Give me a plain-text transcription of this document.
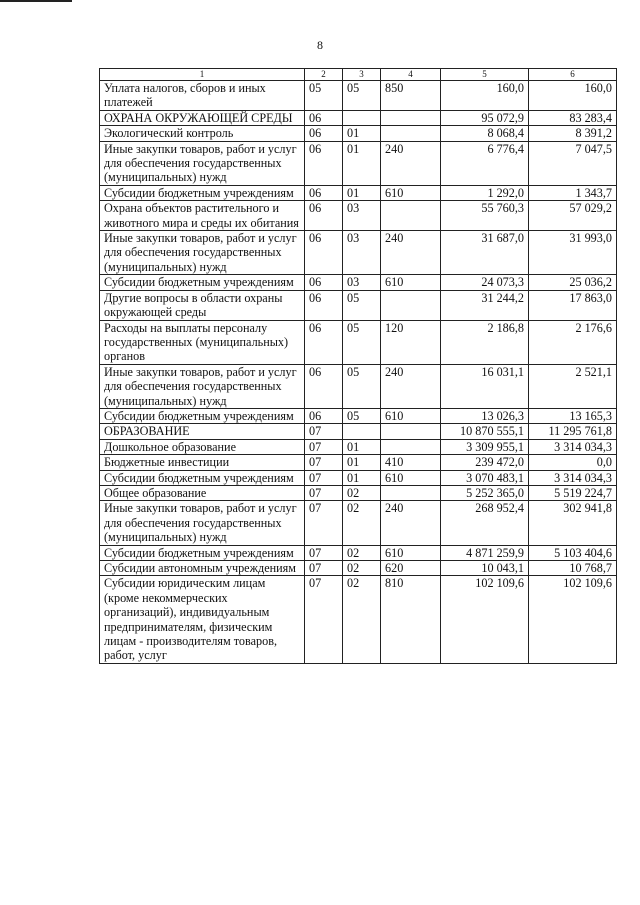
8
1	2	3	4	5	6
Уплата налогов, сборов и иных платежей	05	05	850	160,0	160,0
ОХРАНА ОКРУЖАЮЩЕЙ СРЕДЫ	06			95 072,9	83 283,4
Экологический контроль	06	01		8 068,4	8 391,2
Иные закупки товаров, работ и услуг для обеспечения государственных (муниципальных) нужд	06	01	240	6 776,4	7 047,5
Субсидии бюджетным учреждениям	06	01	610	1 292,0	1 343,7
Охрана объектов растительного и животного мира и среды их обитания	06	03		55 760,3	57 029,2
Иные закупки товаров, работ и услуг для обеспечения государственных (муниципальных) нужд	06	03	240	31 687,0	31 993,0
Субсидии бюджетным учреждениям	06	03	610	24 073,3	25 036,2
Другие вопросы в области охраны окружающей среды	06	05		31 244,2	17 863,0
Расходы на выплаты персоналу государственных (муниципальных) органов	06	05	120	2 186,8	2 176,6
Иные закупки товаров, работ и услуг для обеспечения государственных (муниципальных) нужд	06	05	240	16 031,1	2 521,1
Субсидии бюджетным учреждениям	06	05	610	13 026,3	13 165,3
ОБРАЗОВАНИЕ	07			10 870 555,1	11 295 761,8
Дошкольное образование	07	01		3 309 955,1	3 314 034,3
Бюджетные инвестиции	07	01	410	239 472,0	0,0
Субсидии бюджетным учреждениям	07	01	610	3 070 483,1	3 314 034,3
Общее образование	07	02		5 252 365,0	5 519 224,7
Иные закупки товаров, работ и услуг для обеспечения государственных (муниципальных) нужд	07	02	240	268 952,4	302 941,8
Субсидии бюджетным учреждениям	07	02	610	4 871 259,9	5 103 404,6
Субсидии автономным учреждениям	07	02	620	10 043,1	10 768,7
Субсидии юридическим лицам (кроме некоммерческих организаций), индивидуальным предпринимателям, физическим лицам - производителям товаров, работ, услуг	07	02	810	102 109,6	102 109,6
